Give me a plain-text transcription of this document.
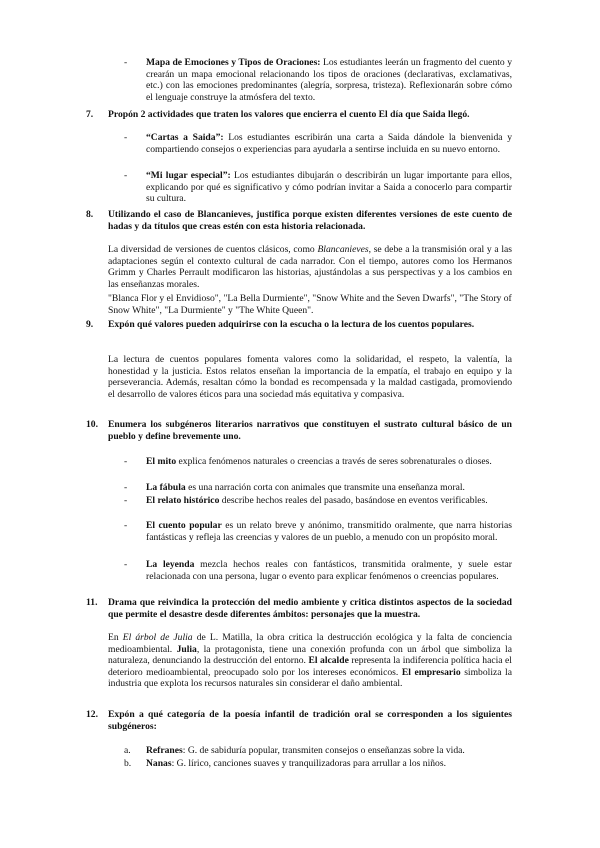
- Mapa de Emociones y Tipos de Oraciones: Los estudiantes leerán un fragmento del cuento y crearán un mapa emocional relacionando los tipos de oraciones (declarativas, exclamativas, etc.) con las emociones predominantes (alegría, sorpresa, tristeza). Reflexionarán sobre cómo el lenguaje construye la atmósfera del texto.
7. Propón 2 actividades que traten los valores que encierra el cuento El día que Saida llegó.
- “Cartas a Saida”: Los estudiantes escribirán una carta a Saida dándole la bienvenida y compartiendo consejos o experiencias para ayudarla a sentirse incluida en su nuevo entorno.
- “Mi lugar especial”: Los estudiantes dibujarán o describirán un lugar importante para ellos, explicando por qué es significativo y cómo podrían invitar a Saida a conocerlo para compartir su cultura.
8. Utilizando el caso de Blancanieves, justifica porque existen diferentes versiones de este cuento de hadas y da títulos que creas estén con esta historia relacionada.
La diversidad de versiones de cuentos clásicos, como Blancanieves, se debe a la transmisión oral y a las adaptaciones según el contexto cultural de cada narrador. Con el tiempo, autores como los Hermanos Grimm y Charles Perrault modificaron las historias, ajustándolas a sus perspectivas y a los cambios en las enseñanzas morales.
"Blanca Flor y el Envidioso", "La Bella Durmiente", "Snow White and the Seven Dwarfs", "The Story of Snow White", "La Durmiente" y "The White Queen".
9. Expón qué valores pueden adquirirse con la escucha o la lectura de los cuentos populares.
La lectura de cuentos populares fomenta valores como la solidaridad, el respeto, la valentía, la honestidad y la justicia. Estos relatos enseñan la importancia de la empatía, el trabajo en equipo y la perseverancia. Además, resaltan cómo la bondad es recompensada y la maldad castigada, promoviendo el desarrollo de valores éticos para una sociedad más equitativa y compasiva.
10. Enumera los subgéneros literarios narrativos que constituyen el sustrato cultural básico de un pueblo y define brevemente uno.
- El mito explica fenómenos naturales o creencias a través de seres sobrenaturales o dioses.
- La fábula es una narración corta con animales que transmite una enseñanza moral.
- El relato histórico describe hechos reales del pasado, basándose en eventos verificables.
- El cuento popular es un relato breve y anónimo, transmitido oralmente, que narra historias fantásticas y refleja las creencias y valores de un pueblo, a menudo con un propósito moral.
- La leyenda mezcla hechos reales con fantásticos, transmitida oralmente, y suele estar relacionada con una persona, lugar o evento para explicar fenómenos o creencias populares.
11. Drama que reivindica la protección del medio ambiente y critica distintos aspectos de la sociedad que permite el desastre desde diferentes ámbitos: personajes que la muestra.
En El árbol de Julia de L. Matilla, la obra critica la destrucción ecológica y la falta de conciencia medioambiental. Julia, la protagonista, tiene una conexión profunda con un árbol que simboliza la naturaleza, denunciando la destrucción del entorno. El alcalde representa la indiferencia política hacia el deterioro medioambiental, preocupado solo por los intereses económicos. El empresario simboliza la industria que explota los recursos naturales sin considerar el daño ambiental.
12. Expón a qué categoría de la poesía infantil de tradición oral se corresponden a los siguientes subgéneros:
a. Refranes: G. de sabiduría popular, transmiten consejos o enseñanzas sobre la vida.
b. Nanas: G. lírico, canciones suaves y tranquilizadoras para arrullar a los niños.
